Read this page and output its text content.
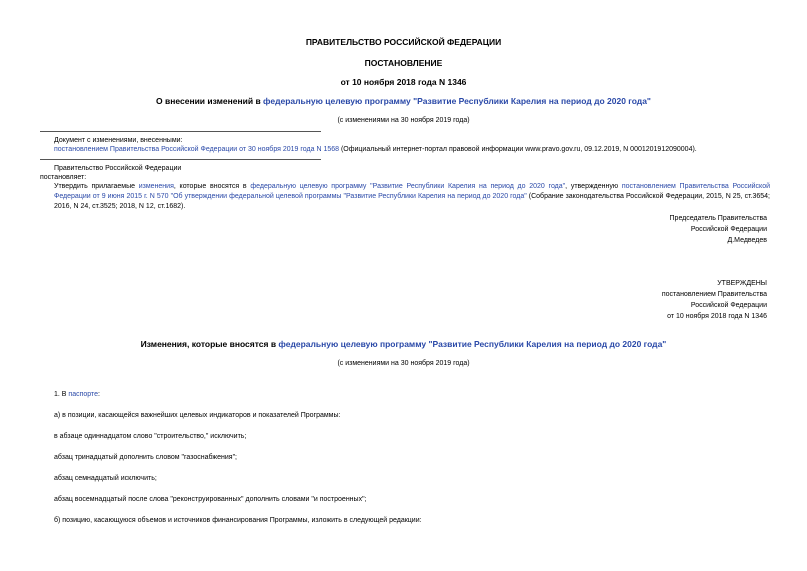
ПРАВИТЕЛЬСТВО РОССИЙСКОЙ ФЕДЕРАЦИИ
ПОСТАНОВЛЕНИЕ
от 10 ноября 2018 года N 1346
О внесении изменений в федеральную целевую программу "Развитие Республики Карелия на период до 2020 года"
(с изменениями на 30 ноября 2019 года)
Документ с изменениями, внесенными:
постановлением Правительства Российской Федерации от 30 ноября 2019 года N 1568 (Официальный интернет-портал правовой информации www.pravo.gov.ru, 09.12.2019, N 0001201912090004).
Правительство Российской Федерации
постановляет:
Утвердить прилагаемые изменения, которые вносятся в федеральную целевую программу "Развитие Республики Карелия на период до 2020 года", утвержденную постановлением Правительства Российской Федерации от 9 июня 2015 г. N 570 "Об утверждении федеральной целевой программы "Развитие Республики Карелия на период до 2020 года" (Собрание законодательства Российской Федерации, 2015, N 25, ст.3654; 2016, N 24, ст.3525; 2018, N 12, ст.1682).
Председатель Правительства
Российской Федерации
Д.Медведев
УТВЕРЖДЕНЫ
постановлением Правительства
Российской Федерации
от 10 ноября 2018 года N 1346
Изменения, которые вносятся в федеральную целевую программу "Развитие Республики Карелия на период до 2020 года"
(с изменениями на 30 ноября 2019 года)
1. В паспорте:
а) в позиции, касающейся важнейших целевых индикаторов и показателей Программы:
в абзаце одиннадцатом слово "строительство," исключить;
абзац тринадцатый дополнить словом "газоснабжения";
абзац семнадцатый исключить;
абзац восемнадцатый после слова "реконструированных" дополнить словами "и построенных";
б) позицию, касающуюся объемов и источников финансирования Программы, изложить в следующей редакции:
